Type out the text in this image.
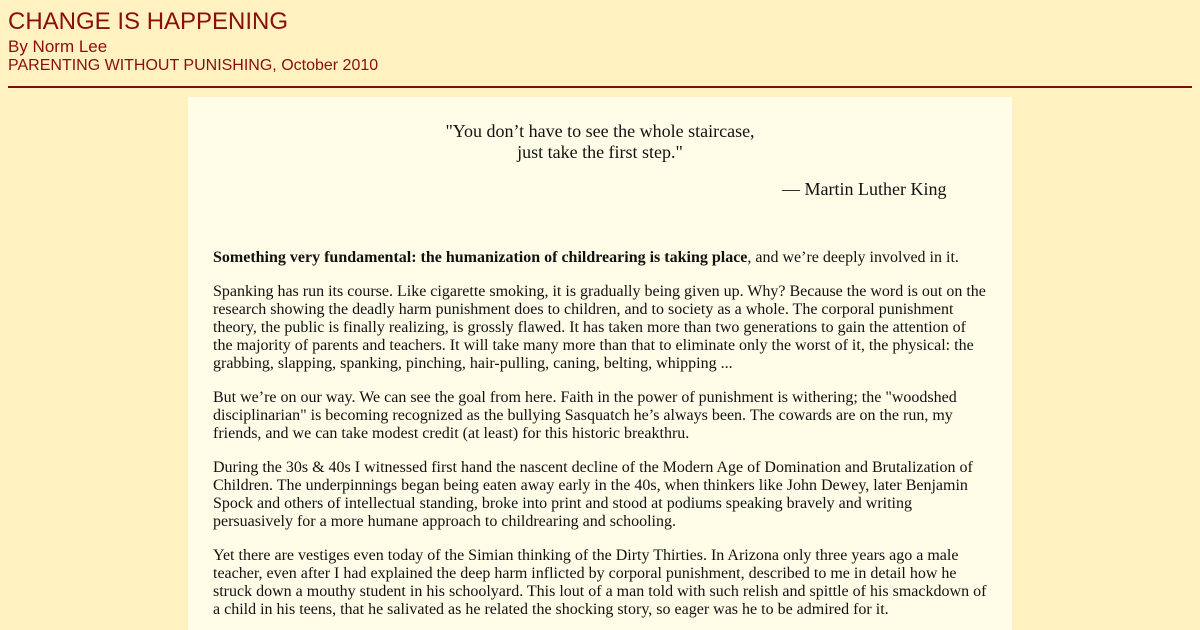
CHANGE IS HAPPENING
By Norm Lee
PARENTING WITHOUT PUNISHING, October 2010
"You don’t have to see the whole staircase,
just take the first step."
— Martin Luther King

Something very fundamental: the humanization of childrearing is taking place, and we’re deeply involved in it.

Spanking has run its course. Like cigarette smoking, it is gradually being given up. Why? Because the word is out on the research showing the deadly harm punishment does to children, and to society as a whole. The corporal punishment theory, the public is finally realizing, is grossly flawed. It has taken more than two generations to gain the attention of the majority of parents and teachers. It will take many more than that to eliminate only the worst of it, the physical: the grabbing, slapping, spanking, pinching, hair-pulling, caning, belting, whipping ...

But we’re on our way. We can see the goal from here. Faith in the power of punishment is withering; the "woodshed disciplinarian" is becoming recognized as the bullying Sasquatch he’s always been. The cowards are on the run, my friends, and we can take modest credit (at least) for this historic breakthru.

During the 30s & 40s I witnessed first hand the nascent decline of the Modern Age of Domination and Brutalization of Children. The underpinnings began being eaten away early in the 40s, when thinkers like John Dewey, later Benjamin Spock and others of intellectual standing, broke into print and stood at podiums speaking bravely and writing persuasively for a more humane approach to childrearing and schooling.

Yet there are vestiges even today of the Simian thinking of the Dirty Thirties. In Arizona only three years ago a male teacher, even after I had explained the deep harm inflicted by corporal punishment, described to me in detail how he struck down a mouthy student in his schoolyard. This lout of a man told with such relish and spittle of his smackdown of a child in his teens, that he salivated as he related the shocking story, so eager was he to be admired for it.
